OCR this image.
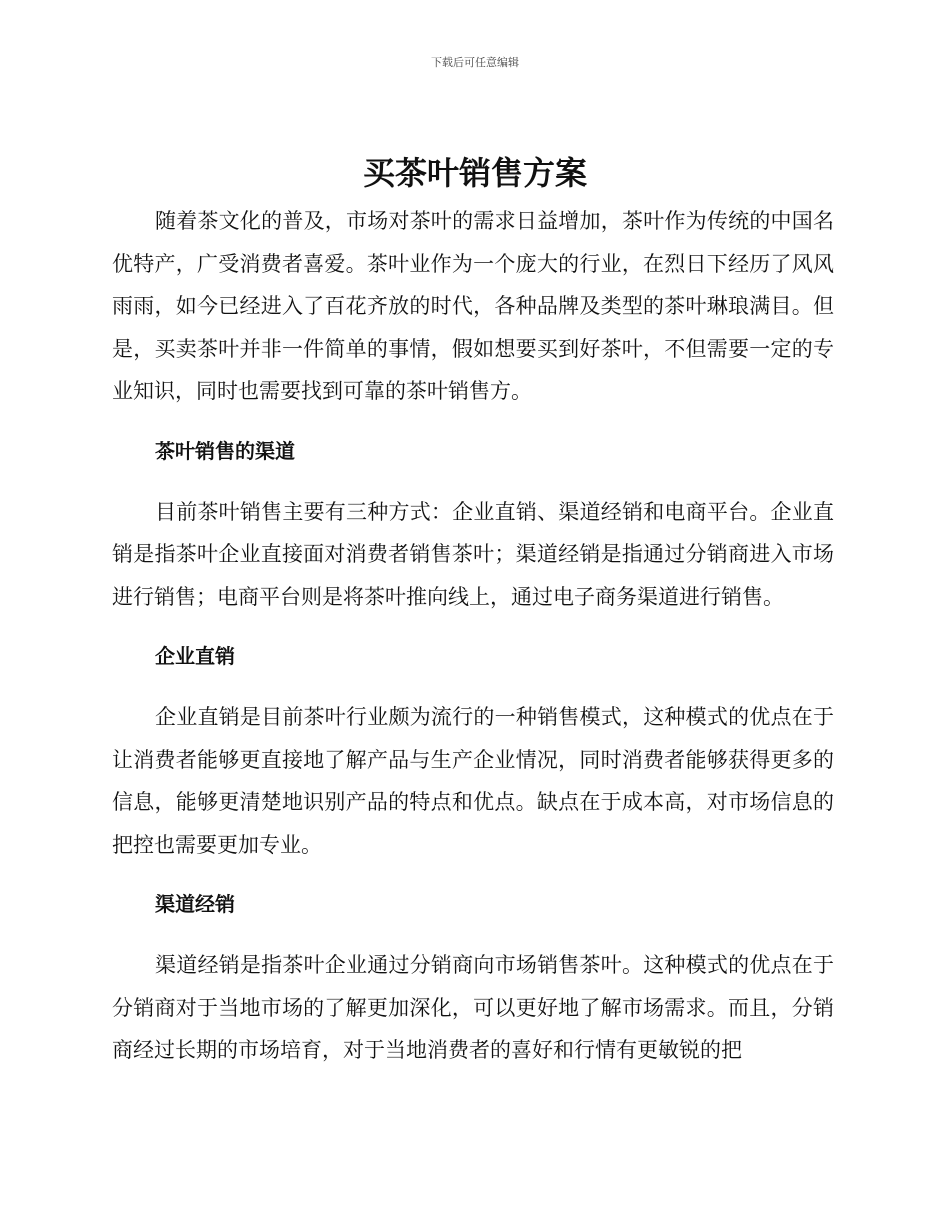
下载后可任意编辑
买茶叶销售方案

随着茶文化的普及，市场对茶叶的需求日益增加，茶叶作为传统的中国名优特产，广受消费者喜爱。茶叶业作为一个庞大的行业，在烈日下经历了风风雨雨，如今已经进入了百花齐放的时代，各种品牌及类型的茶叶琳琅满目。但是，买卖茶叶并非一件简单的事情，假如想要买到好茶叶，不但需要一定的专业知识，同时也需要找到可靠的茶叶销售方。

茶叶销售的渠道

目前茶叶销售主要有三种方式：企业直销、渠道经销和电商平台。企业直销是指茶叶企业直接面对消费者销售茶叶；渠道经销是指通过分销商进入市场进行销售；电商平台则是将茶叶推向线上，通过电子商务渠道进行销售。

企业直销

企业直销是目前茶叶行业颇为流行的一种销售模式，这种模式的优点在于让消费者能够更直接地了解产品与生产企业情况，同时消费者能够获得更多的信息，能够更清楚地识别产品的特点和优点。缺点在于成本高，对市场信息的把控也需要更加专业。

渠道经销

渠道经销是指茶叶企业通过分销商向市场销售茶叶。这种模式的优点在于分销商对于当地市场的了解更加深化，可以更好地了解市场需求。而且，分销商经过长期的市场培育，对于当地消费者的喜好和行情有更敏锐的把
